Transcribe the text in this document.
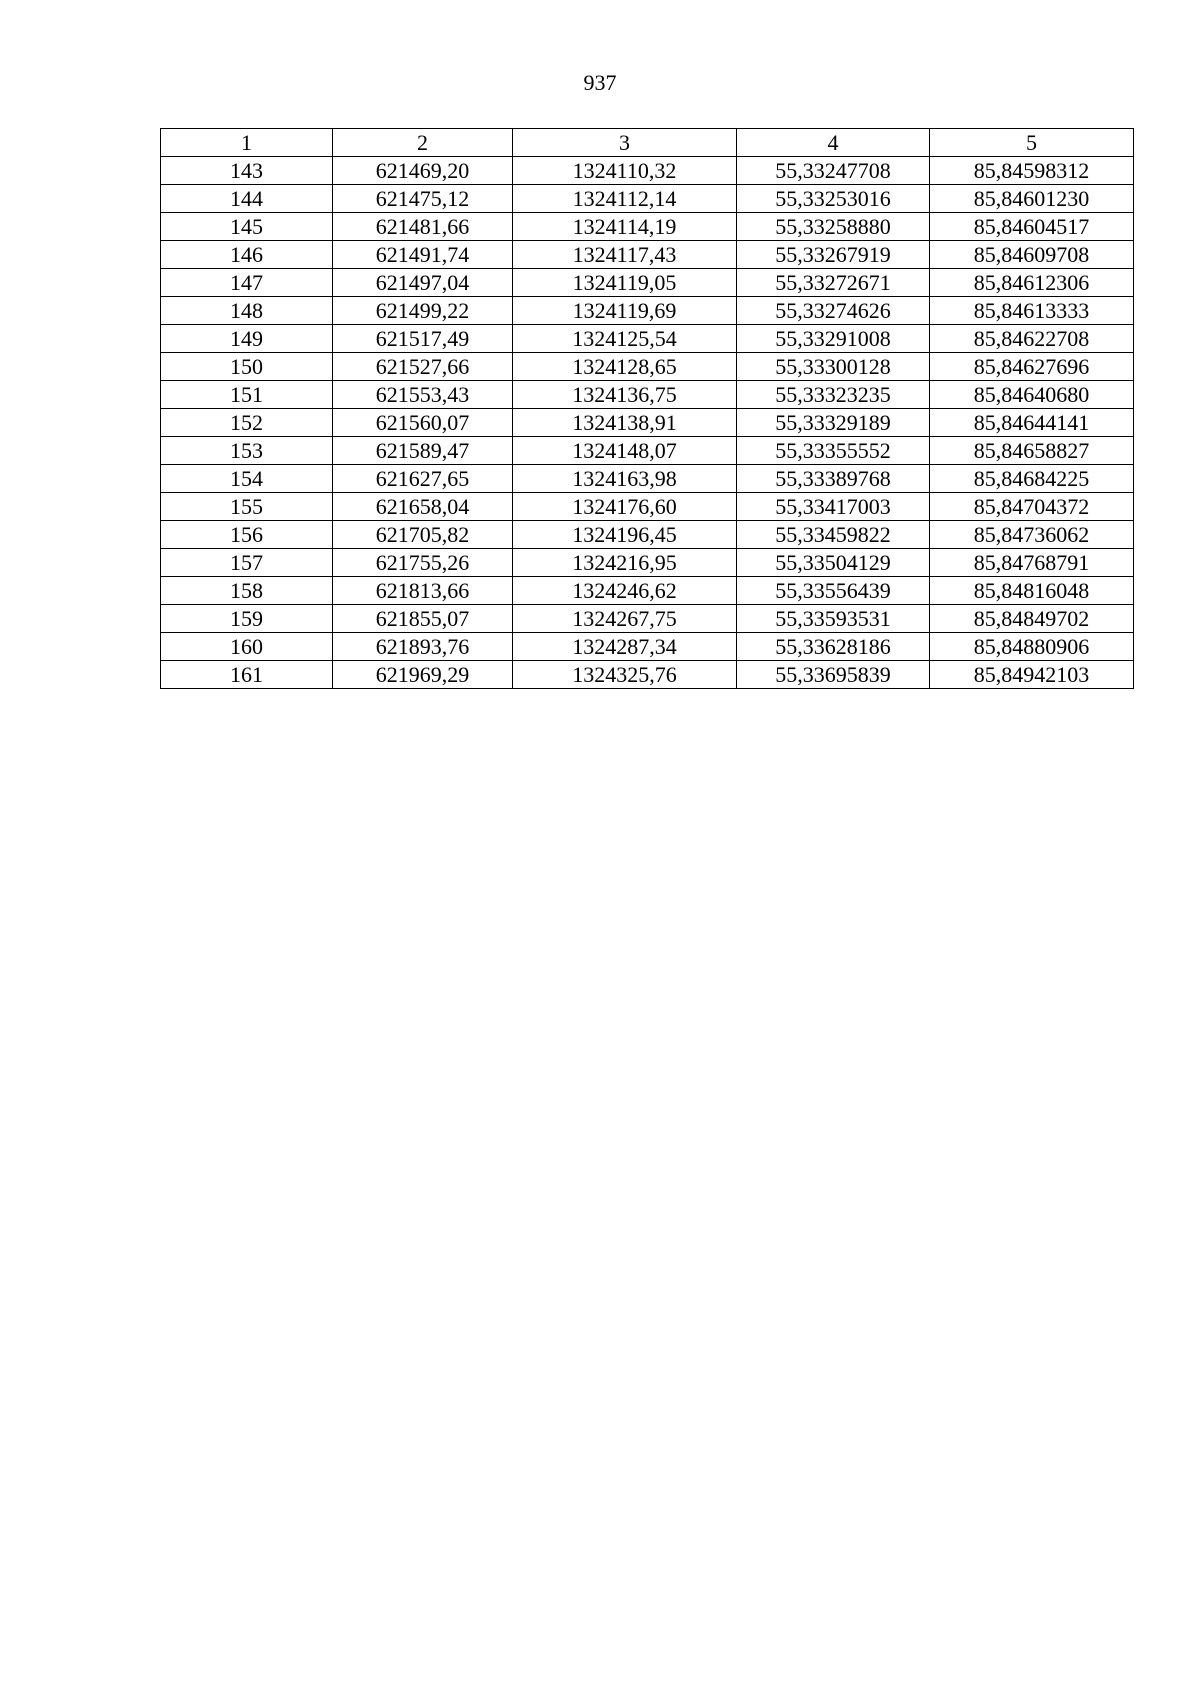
937
1	2	3	4	5
143	621469,20	1324110,32	55,33247708	85,84598312
144	621475,12	1324112,14	55,33253016	85,84601230
145	621481,66	1324114,19	55,33258880	85,84604517
146	621491,74	1324117,43	55,33267919	85,84609708
147	621497,04	1324119,05	55,33272671	85,84612306
148	621499,22	1324119,69	55,33274626	85,84613333
149	621517,49	1324125,54	55,33291008	85,84622708
150	621527,66	1324128,65	55,33300128	85,84627696
151	621553,43	1324136,75	55,33323235	85,84640680
152	621560,07	1324138,91	55,33329189	85,84644141
153	621589,47	1324148,07	55,33355552	85,84658827
154	621627,65	1324163,98	55,33389768	85,84684225
155	621658,04	1324176,60	55,33417003	85,84704372
156	621705,82	1324196,45	55,33459822	85,84736062
157	621755,26	1324216,95	55,33504129	85,84768791
158	621813,66	1324246,62	55,33556439	85,84816048
159	621855,07	1324267,75	55,33593531	85,84849702
160	621893,76	1324287,34	55,33628186	85,84880906
161	621969,29	1324325,76	55,33695839	85,84942103
